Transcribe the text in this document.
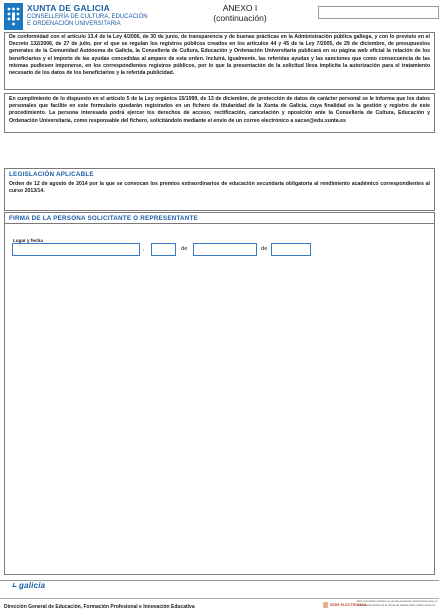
XUNTA DE GALICIA
CONSELLERÍA DE CULTURA, EDUCACIÓN
E ORDENACIÓN UNIVERSITARIA
ANEXO I
(continuación)

De conformidad con el artículo 13.4 de la Ley 4/2006, de 30 de junio, de transparencia y de buenas prácticas en la Administración pública gallega, y con lo previsto en el Decreto 132/2006, de 27 de julio, por el que se regulan los registros públicos creados en los artículos 44 y 45 de la Ley 7/2005, de 29 de diciembre, de presupuestos generales de la Comunidad Autónoma de Galicia, la Consellería de Cultura, Educación y Ordenación Universitaria publicará en su página web oficial la relación de los beneficiarios y el importe de las ayudas concedidas al amparo de esta orden. Incluirá, igualmente, las referidas ayudas y las sanciones que como consecuencia de las mismas pudiesen imponerse, en los correspondientes registros públicos, por lo que la presentación de la solicitud lleva implícita la autorización para el tratamiento necesario de los datos de los beneficiarios y la referida publicidad.

En cumplimiento de lo dispuesto en el artículo 5 de la Ley orgánica 15/1999, de 13 de diciembre, de protección de datos de carácter personal se le informa que los datos personales que facilite en este formulario quedarán registrados en un fichero de titularidad de la Xunta de Galicia, cuya finalidad es la gestión y registro de este procedimiento. La persona interesada podrá ejercer los derechos de acceso, rectificación, cancelación y oposición ante la Consellería de Cultura, Educación y Ordenación Universitaria, como responsable del fichero, solicitándolo mediante el envío de un correo electrónico a sacse@edu.xunta.es

LEGISLACIÓN APLICABLE

Orden de 12 de agosto de 2014 por la que se convocan los premios extraordinarios de educación secundaria obligatoria al rendimiento académico correspondientes al curso 2013/14.

FIRMA DE LA PERSONA SOLICITANTE O REPRESENTANTE
Lugar y fecha
,	de	de
galicia
Dirección General de Educación, Formación Profesional e Innovación Educativa	SEDE ELECTRÓNICA
Este formulario también se puede presentar electrónicamente en la sede electrónica de la Xunta de Galicia https://sede.xunta.es
